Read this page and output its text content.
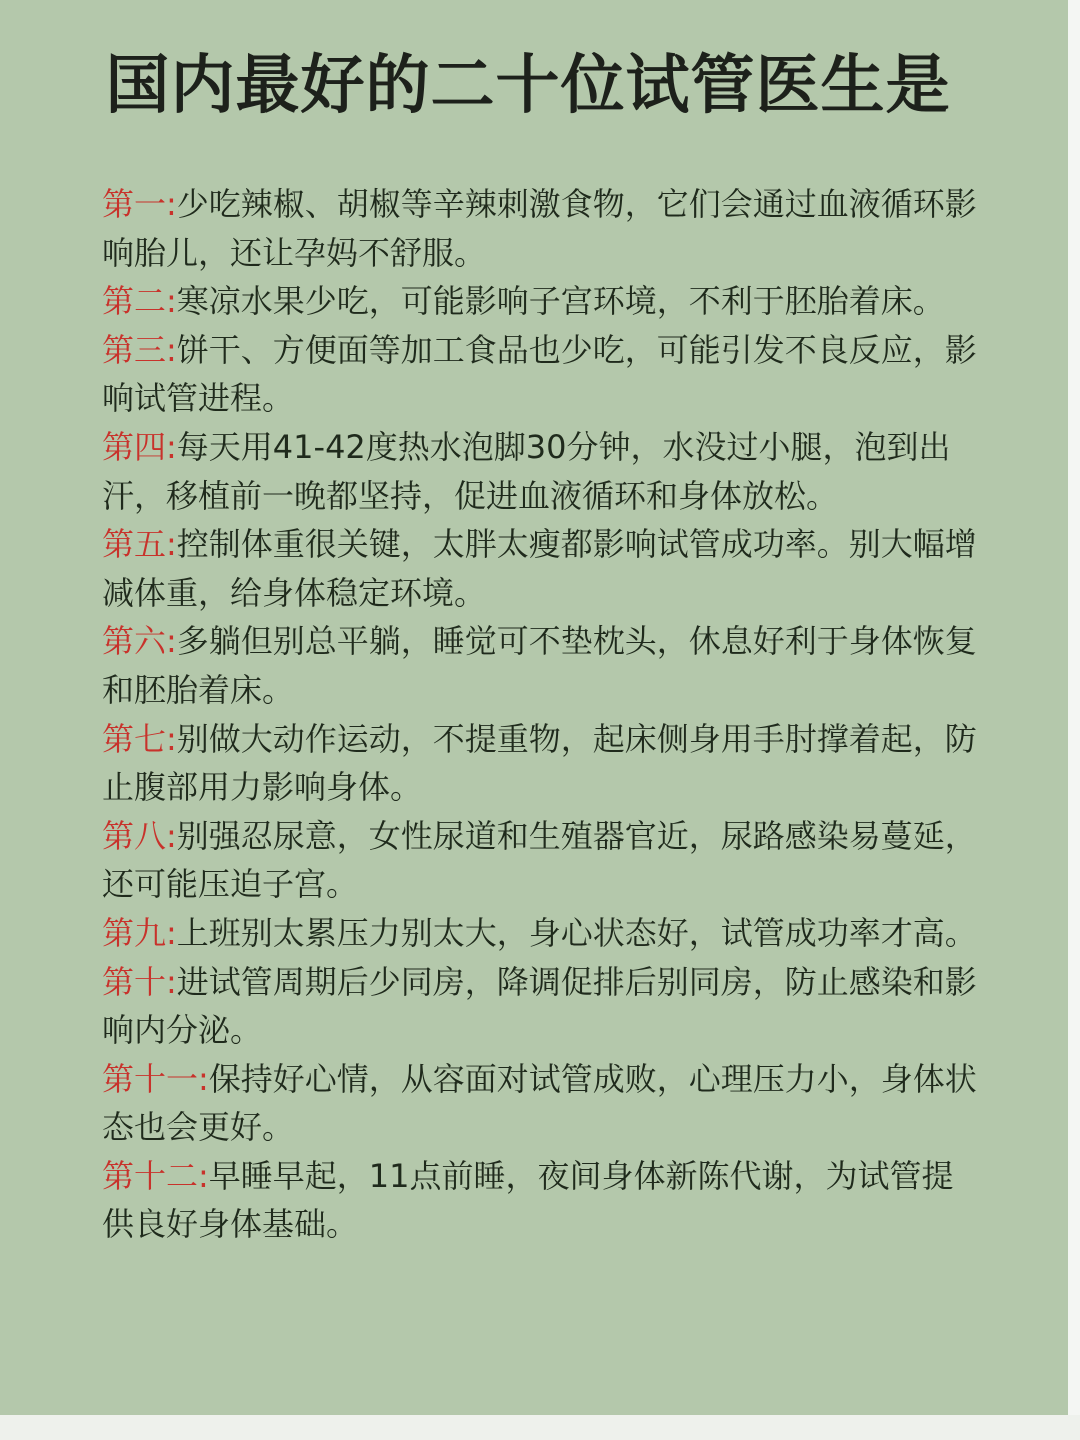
国内最好的二十位试管医生是
第一:少吃辣椒、胡椒等辛辣刺激食物，它们会通过血液循环影响胎儿，还让孕妈不舒服。
第二:寒凉水果少吃，可能影响子宫环境，不利于胚胎着床。
第三:饼干、方便面等加工食品也少吃，可能引发不良反应，影响试管进程。
第四:每天用41-42度热水泡脚30分钟，水没过小腿，泡到出汗，移植前一晚都坚持，促进血液循环和身体放松。
第五:控制体重很关键，太胖太瘦都影响试管成功率。别大幅增减体重，给身体稳定环境。
第六:多躺但别总平躺，睡觉可不垫枕头，休息好利于身体恢复和胚胎着床。
第七:别做大动作运动，不提重物，起床侧身用手肘撑着起，防止腹部用力影响身体。
第八:别强忍尿意，女性尿道和生殖器官近，尿路感染易蔓延，还可能压迫子宫。
第九:上班别太累压力别太大，身心状态好，试管成功率才高。
第十:进试管周期后少同房，降调促排后别同房，防止感染和影响内分泌。
第十一:保持好心情，从容面对试管成败，心理压力小，身体状态也会更好。
第十二:早睡早起，11点前睡，夜间身体新陈代谢，为试管提供良好身体基础。
